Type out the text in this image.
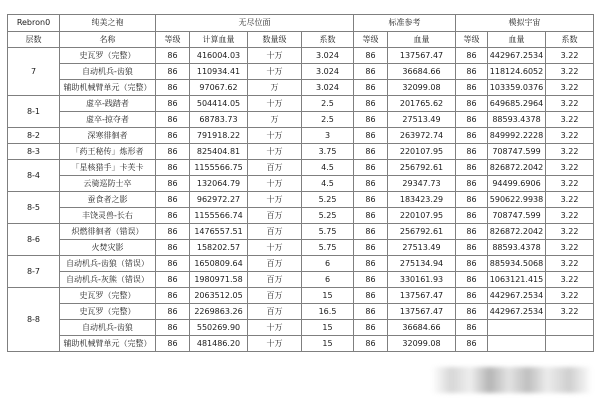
Rebron0	纯美之袍	无尽位面				标准参考		模拟宇宙		
层数	名称	等级	计算血量	数量级	系数	等级	血量	等级	血量	系数
7	史瓦罗（完整）	86	416004.03	十万	3.024	86	137567.47	86	442967.2534	3.22
	自动机兵-齿狼	86	110934.41	十万	3.024	86	36684.66	86	118124.6052	3.22
	辅助机械臂单元（完整）	86	97067.62	万	3.024	86	32099.08	86	103359.0376	3.22
8-1	虚卒-践踏者	86	504414.05	十万	2.5	86	201765.62	86	649685.2964	3.22
	虚卒-掠夺者	86	68783.73	万	2.5	86	27513.49	86	88593.4378	3.22
8-2	深寒徘徊者	86	791918.22	十万	3	86	263972.74	86	849992.2228	3.22
8-3	「药王秘传」炼形者	86	825404.81	十万	3.75	86	220107.95	86	708747.599	3.22
8-4	「星核猎手」卡芙卡	86	1155566.75	百万	4.5	86	256792.61	86	826872.2042	3.22
	云骑巡防士卒	86	132064.79	十万	4.5	86	29347.73	86	94499.6906	3.22
8-5	蚕食者之影	86	962972.27	十万	5.25	86	183423.29	86	590622.9938	3.22
	丰饶灵兽-长右	86	1155566.74	百万	5.25	86	220107.95	86	708747.599	3.22
8-6	炽燃徘徊者（错误）	86	1476557.51	百万	5.75	86	256792.61	86	826872.2042	3.22
	火焚灾影	86	158202.57	十万	5.75	86	27513.49	86	88593.4378	3.22
8-7	自动机兵-齿狼（错误）	86	1650809.64	百万	6	86	275134.94	86	885934.5068	3.22
	自动机兵-灰熊（错误）	86	1980971.58	百万	6	86	330161.93	86	1063121.415	3.22
8-8	史瓦罗（完整）	86	2063512.05	百万	15	86	137567.47	86	442967.2534	3.22
	史瓦罗（完整）	86	2269863.26	百万	16.5	86	137567.47	86	442967.2534	3.22
	自动机兵-齿狼	86	550269.90	十万	15	86	36684.66	86		
	辅助机械臂单元（完整）	86	481486.20	十万	15	86	32099.08	86		
